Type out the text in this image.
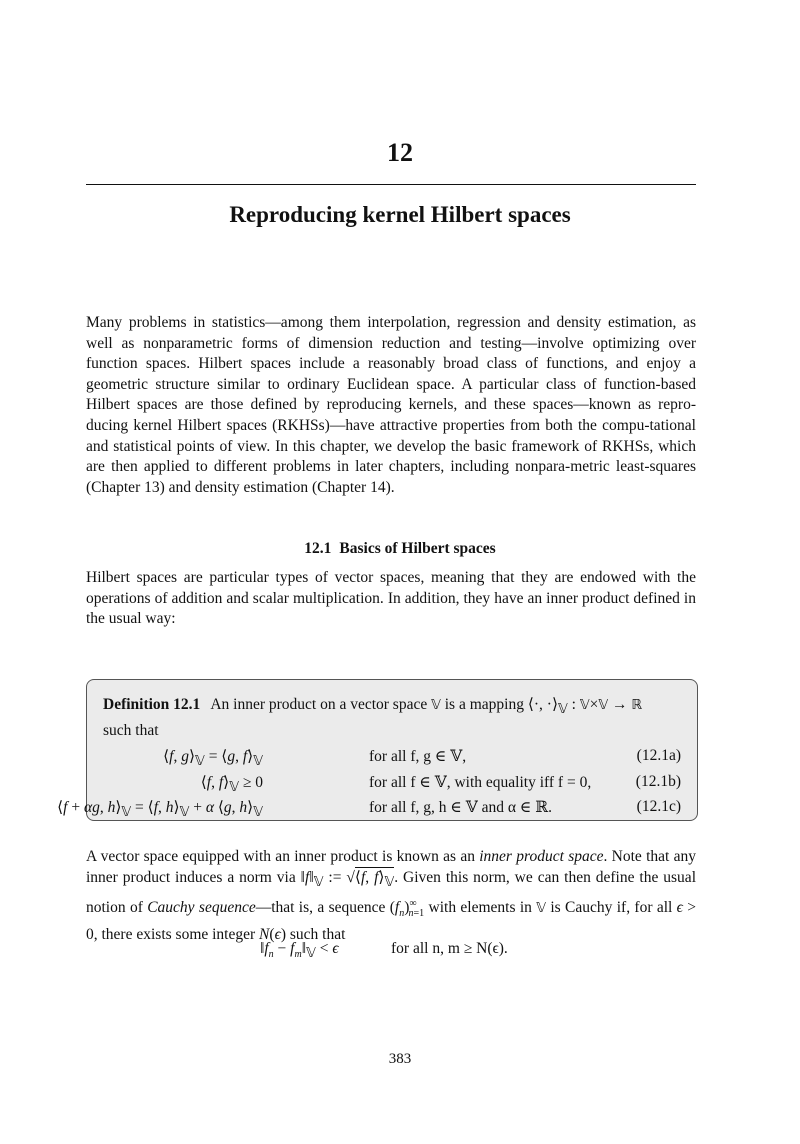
12
Reproducing kernel Hilbert spaces
Many problems in statistics—among them interpolation, regression and density estimation, as well as nonparametric forms of dimension reduction and testing—involve optimizing over function spaces. Hilbert spaces include a reasonably broad class of functions, and enjoy a geometric structure similar to ordinary Euclidean space. A particular class of function-based Hilbert spaces are those defined by reproducing kernels, and these spaces—known as repro-ducing kernel Hilbert spaces (RKHSs)—have attractive properties from both the compu-tational and statistical points of view. In this chapter, we develop the basic framework of RKHSs, which are then applied to different problems in later chapters, including nonpara-metric least-squares (Chapter 13) and density estimation (Chapter 14).
12.1 Basics of Hilbert spaces
Hilbert spaces are particular types of vector spaces, meaning that they are endowed with the operations of addition and scalar multiplication. In addition, they have an inner product defined in the usual way:
Definition 12.1 An inner product on a vector space 𝕍 is a mapping ⟨·, $\cdot⟩_𝕍$ : 𝕍×𝕍 → ℝ
such that
⟨f, $g⟩_𝕍$ = ⟨g, $f⟩_𝕍$	for all f, g ∈ 𝕍,	(12.1a)
⟨f, $f⟩_𝕍 \ge 0$	for all f ∈ 𝕍, with equality iff f = 0,	(12.1b)
⟨f + αg, $h⟩_𝕍$ = ⟨f, $h⟩_𝕍 + \alpha$ ⟨g, $h⟩_𝕍$	for all f, g, h ∈ 𝕍 and α ∈ ℝ.	(12.1c)
A vector space equipped with an inner product is known as an inner product space. Note that any inner product induces a norm via $‖f‖_𝕍$ := √⟨f, $f⟩_𝕍$. Given this norm, we can then define the usual notion of Cauchy sequence—that is, a sequence $(f_n)^\infty_{n=1}$ with elements in 𝕍 is Cauchy if, for all ϵ > 0, there exists some integer N(ϵ) such that
$‖f_n$ − $f_m‖_𝕍 < \epsilon$	for all n, m ≥ N(ϵ).
383
